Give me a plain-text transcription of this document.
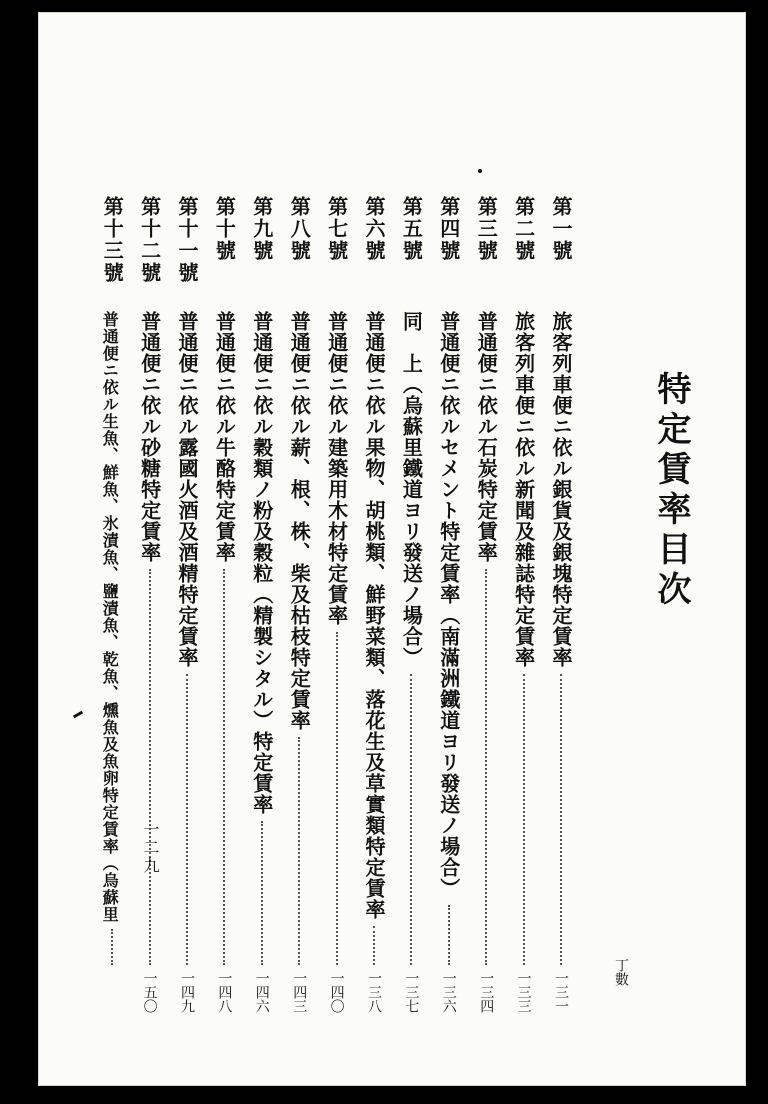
特定賃率目次
丁數
第一號
旅客列車便ニ依ル銀貨及銀塊特定賃率
一三一
第二號
旅客列車便ニ依ル新聞及雜誌特定賃率
一三三
第三號
普通便ニ依ル石炭特定賃率
一三四
第四號
普通便ニ依ルセメント特定賃率（南滿洲鐵道ヨリ發送ノ場合）
一三六
第五號
同　上（烏蘇里鐵道ヨリ發送ノ場合）
一三七
第六號
普通便ニ依ル果物、胡桃類、鮮野菜類、落花生及草實類特定賃率
一三八
第七號
普通便ニ依ル建築用木材特定賃率
一四〇
第八號
普通便ニ依ル薪、根、株、柴及枯枝特定賃率
一四三
第九號
普通便ニ依ル穀類ノ粉及穀粒（精製シタル）特定賃率
一四六
第十號
普通便ニ依ル牛酪特定賃率
一四八
第十一號
普通便ニ依ル露國火酒及酒精特定賃率
一四九
第十二號
普通便ニ依ル砂糖特定賃率
一五〇
第十三號
普通便ニ依ル生魚、鮮魚、氷漬魚、鹽漬魚、乾魚、燻魚及魚卵特定賃率（烏蘇里 一二九
